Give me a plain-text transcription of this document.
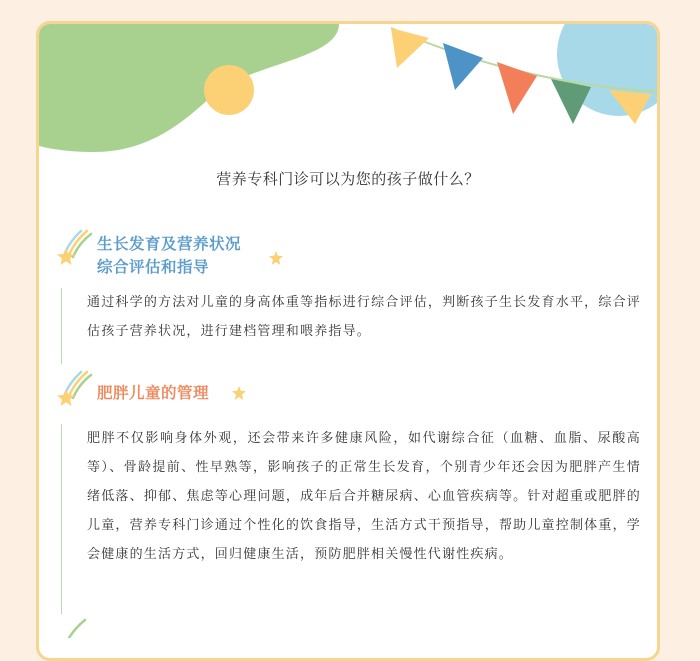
营养专科门诊可以为您的孩子做什么？
生长发育及营养状况
综合评估和指导
通过科学的方法对儿童的身高体重等指标进行综合评估，判断孩子生长发育水平，综合评估孩子营养状况，进行建档管理和喂养指导。
肥胖儿童的管理
肥胖不仅影响身体外观，还会带来许多健康风险，如代谢综合征（血糖、血脂、尿酸高等）、骨龄提前、性早熟等，影响孩子的正常生长发育，个别青少年还会因为肥胖产生情绪低落、抑郁、焦虑等心理问题，成年后合并糖尿病、心血管疾病等。针对超重或肥胖的儿童，营养专科门诊通过个性化的饮食指导，生活方式干预指导，帮助儿童控制体重，学会健康的生活方式，回归健康生活，预防肥胖相关慢性代谢性疾病。
